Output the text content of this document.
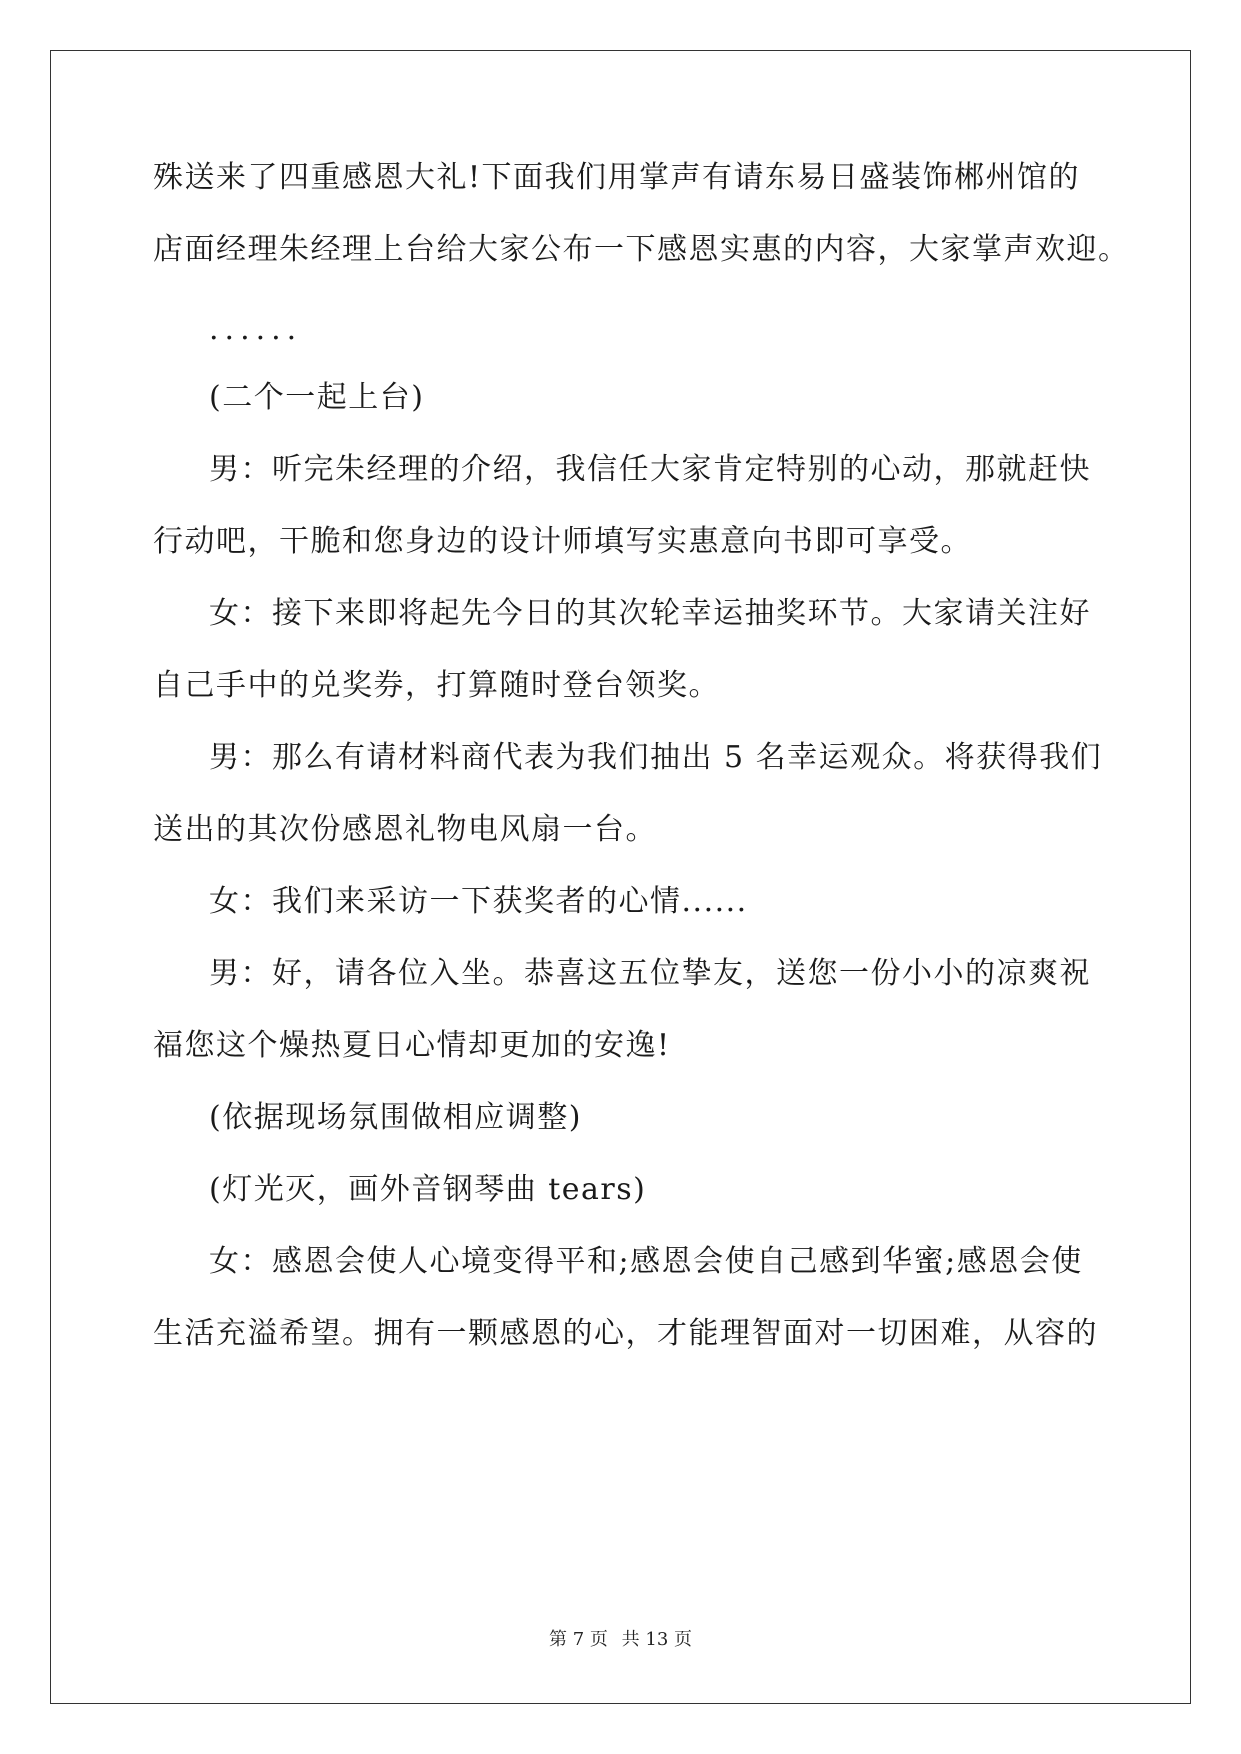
殊送来了四重感恩大礼!下面我们用掌声有请东易日盛装饰郴州馆的
店面经理朱经理上台给大家公布一下感恩实惠的内容，大家掌声欢迎。
......
(二个一起上台)
男：听完朱经理的介绍，我信任大家肯定特别的心动，那就赶快
行动吧，干脆和您身边的设计师填写实惠意向书即可享受。
女：接下来即将起先今日的其次轮幸运抽奖环节。大家请关注好
自己手中的兑奖券，打算随时登台领奖。
男：那么有请材料商代表为我们抽出 5 名幸运观众。将获得我们
送出的其次份感恩礼物电风扇一台。
女：我们来采访一下获奖者的心情......
男：好，请各位入坐。恭喜这五位挚友，送您一份小小的凉爽祝
福您这个燥热夏日心情却更加的安逸!
(依据现场氛围做相应调整)
(灯光灭，画外音钢琴曲 tears)
女：感恩会使人心境变得平和;感恩会使自己感到华蜜;感恩会使
生活充溢希望。拥有一颗感恩的心，才能理智面对一切困难，从容的
第 7 页 共 13 页
